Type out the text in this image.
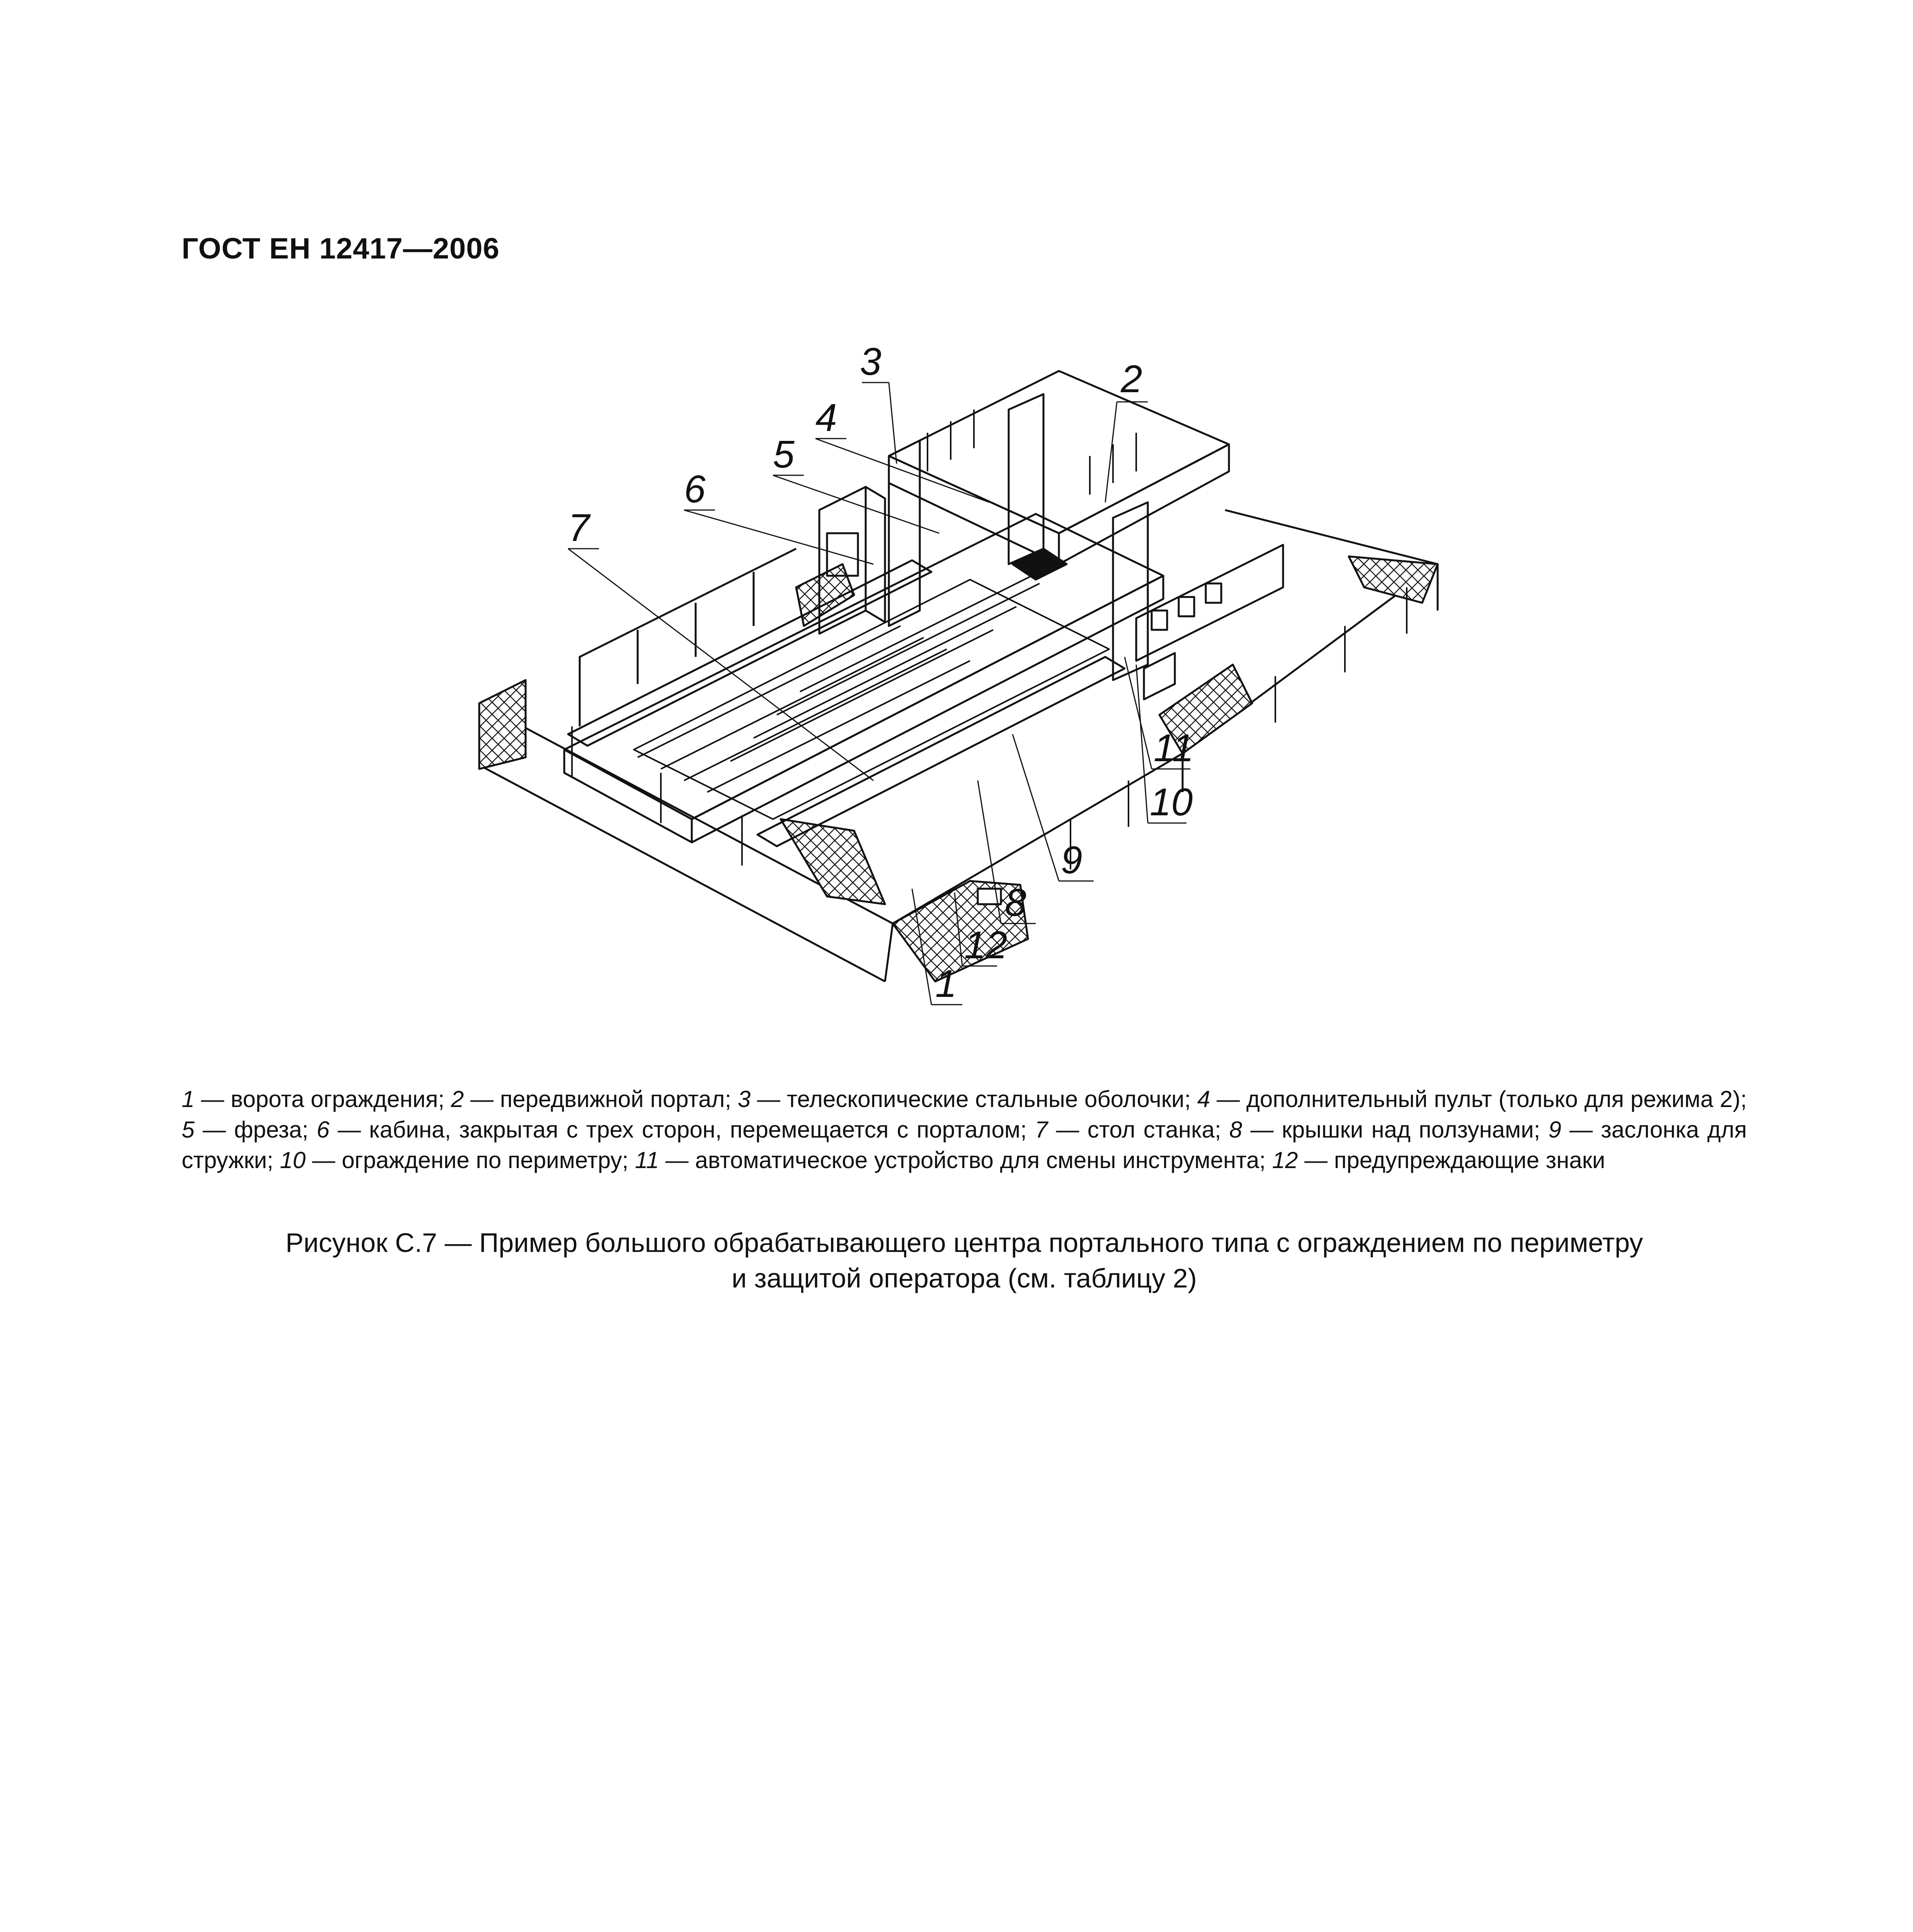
ГОСТ ЕН 12417—2006
3	2
4
5
6
7
11
10
9
8
12
1
1 — ворота ограждения; 2 — передвижной портал; 3 — телескопические стальные оболочки; 4 — дополнительный пульт (только для режима 2); 5 — фреза; 6 — кабина, закрытая с трех сторон, перемещается с порталом; 7 — стол станка; 8 — крышки над ползунами; 9 — заслонка для стружки; 10 — ограждение по периметру; 11 — автоматическое устройство для смены инструмента; 12 — предупреждающие знаки
Рисунок С.7 — Пример большого обрабатывающего центра портального типа с ограждением по периметру
и защитой оператора (см. таблицу 2)
